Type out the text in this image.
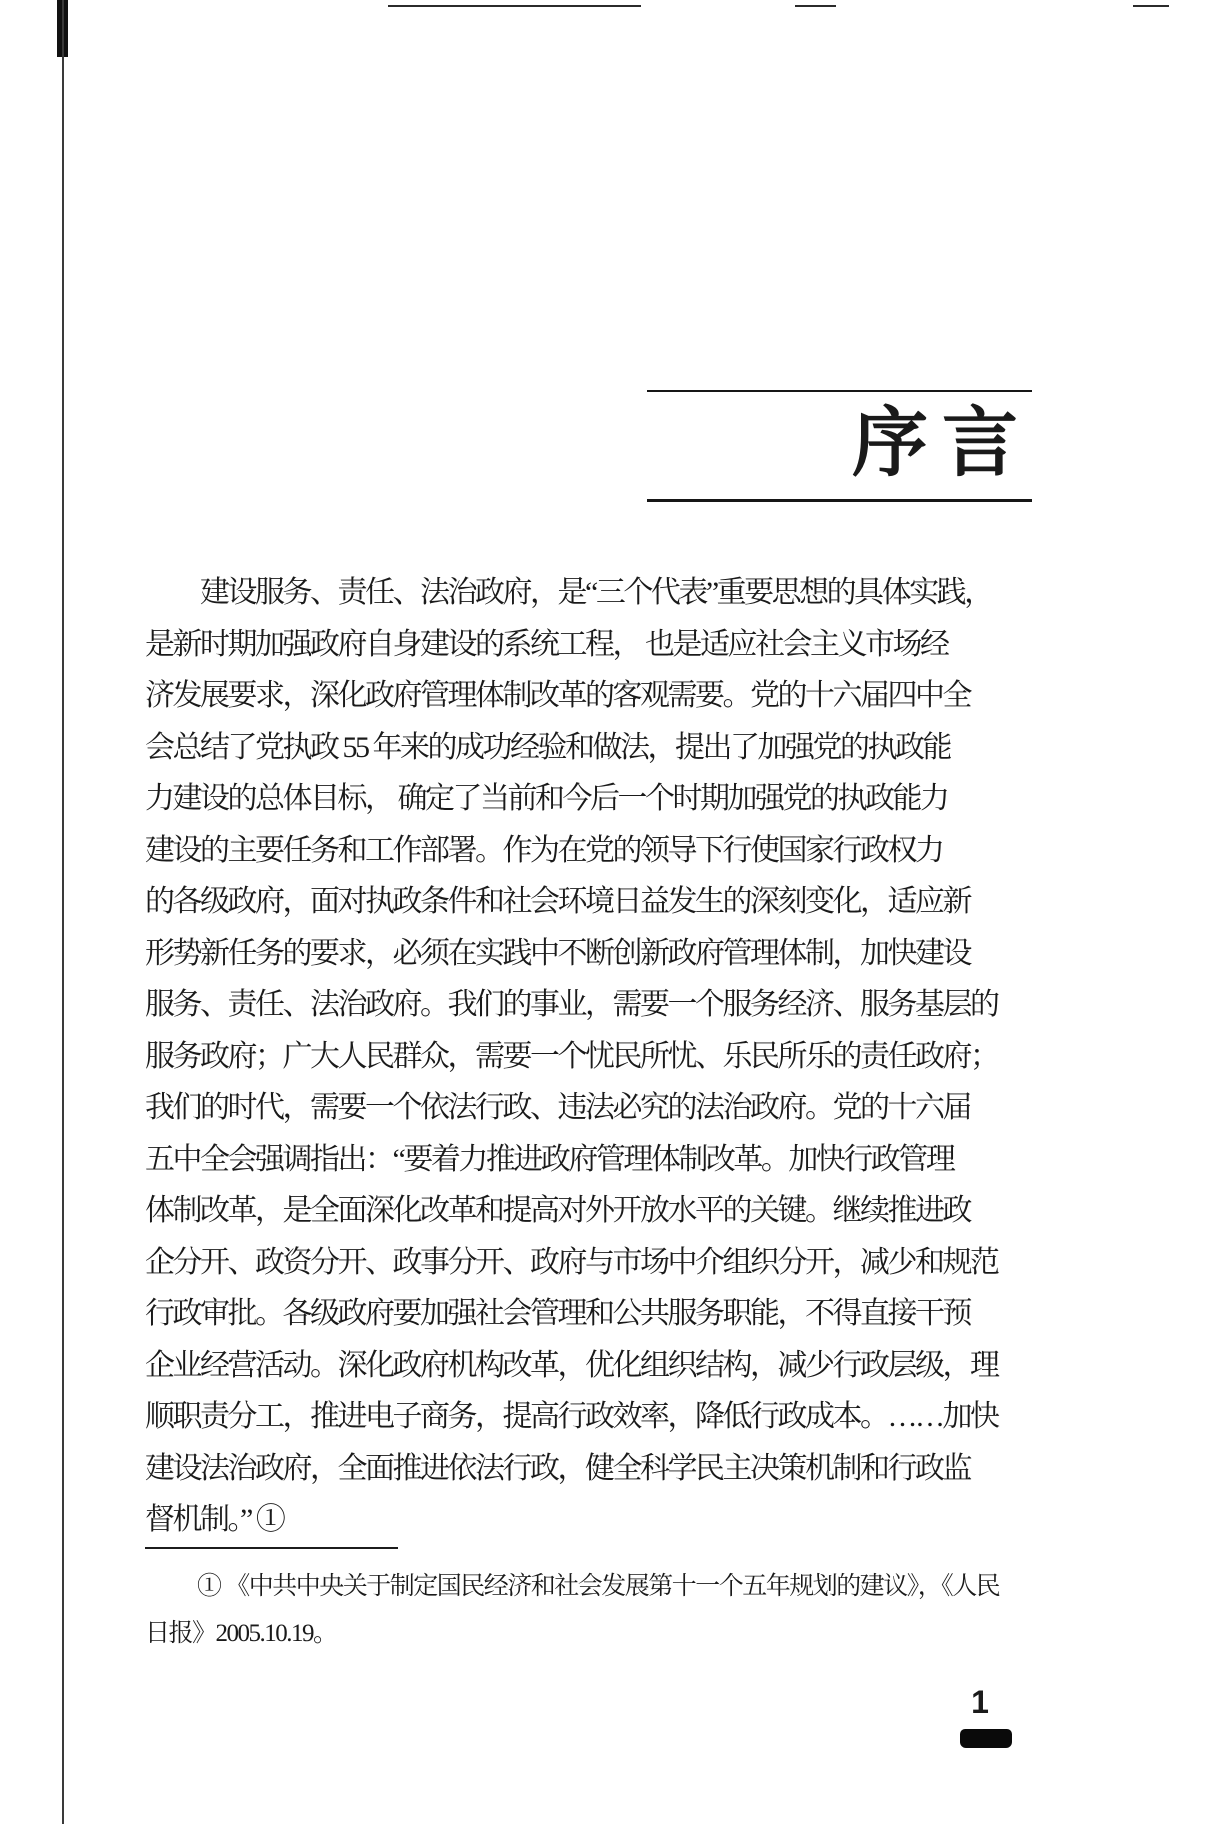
序言
建设服务、责任、法治政府，是“三个代表”重要思想的具体实践，
是新时期加强政府自身建设的系统工程， 也是适应社会主义市场经
济发展要求，深化政府管理体制改革的客观需要。党的十六届四中全
会总结了党执政 55 年来的成功经验和做法，提出了加强党的执政能
力建设的总体目标， 确定了当前和今后一个时期加强党的执政能力
建设的主要任务和工作部署。作为在党的领导下行使国家行政权力
的各级政府，面对执政条件和社会环境日益发生的深刻变化，适应新
形势新任务的要求，必须在实践中不断创新政府管理体制，加快建设
服务、责任、法治政府。我们的事业，需要一个服务经济、服务基层的
服务政府；广大人民群众，需要一个忧民所忧、乐民所乐的责任政府；
我们的时代，需要一个依法行政、违法必究的法治政府。党的十六届
五中全会强调指出：“要着力推进政府管理体制改革。加快行政管理
体制改革，是全面深化改革和提高对外开放水平的关键。继续推进政
企分开、政资分开、政事分开、政府与市场中介组织分开，减少和规范
行政审批。各级政府要加强社会管理和公共服务职能，不得直接干预
企业经营活动。深化政府机构改革，优化组织结构，减少行政层级，理
顺职责分工，推进电子商务，提高行政效率，降低行政成本。……加快
建设法治政府，全面推进依法行政，健全科学民主决策机制和行政监
督机制。” ①
① 《中共中央关于制定国民经济和社会发展第十一个五年规划的建议》，《人民
日报》2005.10.19。
1
